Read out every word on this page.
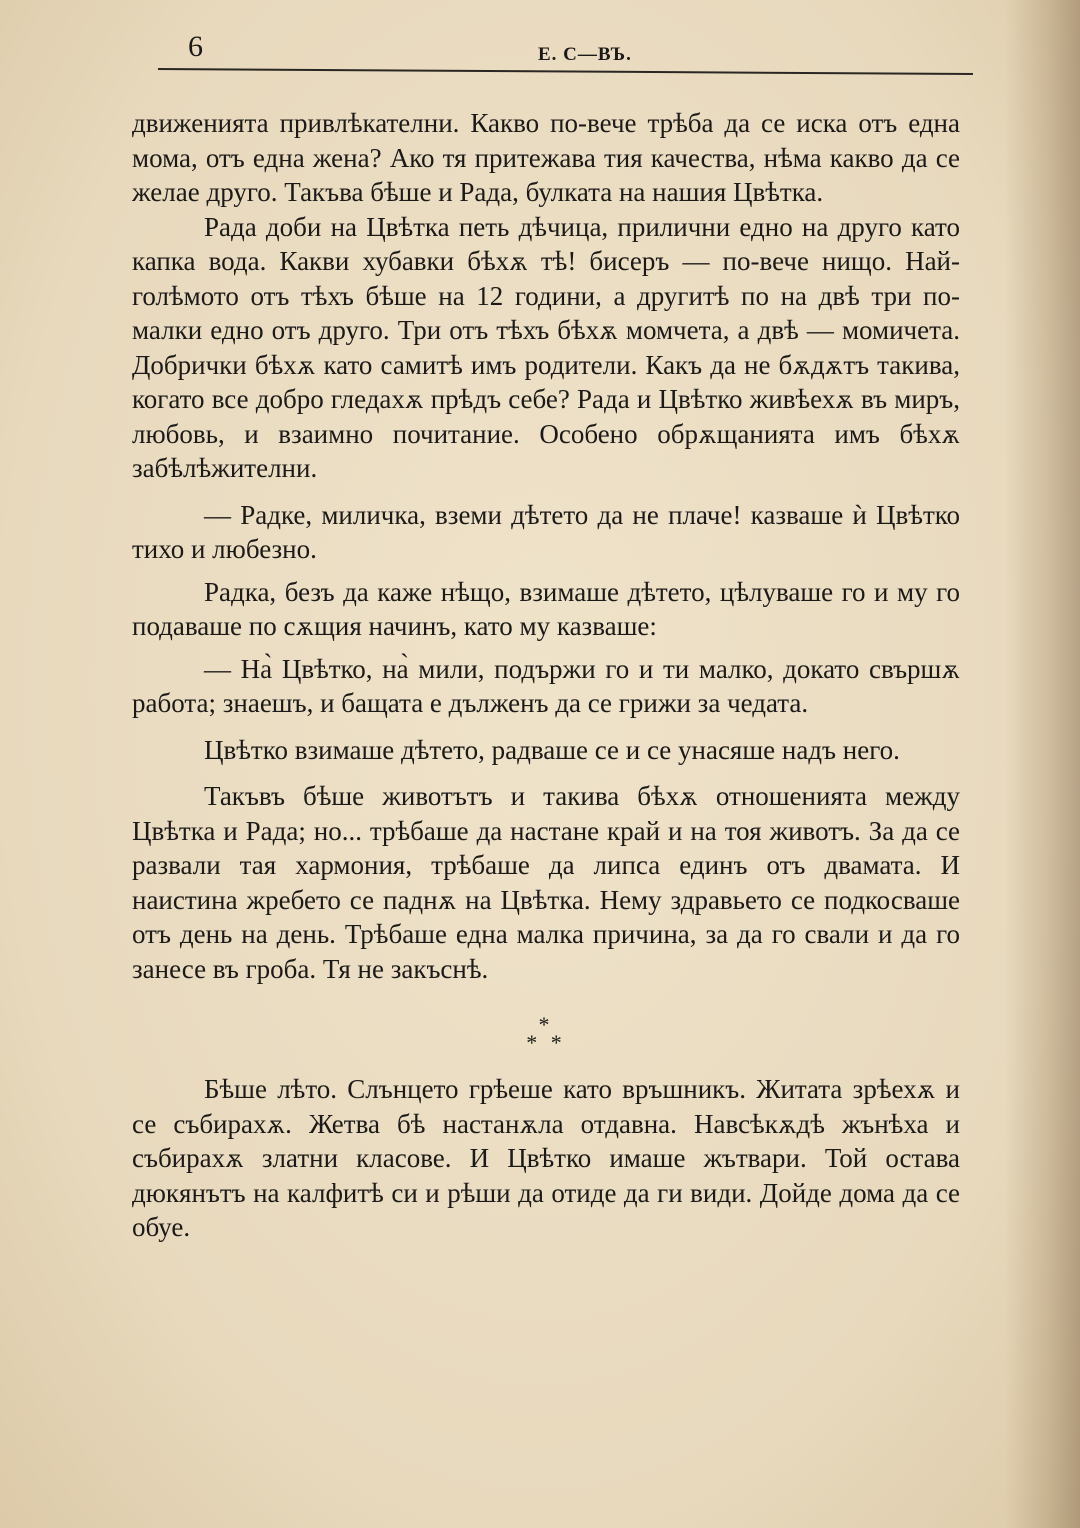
6	Е. С—ВЪ.

движенията привлѣкателни. Какво по-вече трѣба да се иска отъ една мома, отъ една жена? Ако тя притежава тия качества, нѣма какво да се желае друго. Такъва бѣше и Рада, булката на нашия Цвѣтка.

Рада доби на Цвѣтка петь дѣчица, прилични едно на друго като капка вода. Какви хубавки бѣхѫ тѣ! бисеръ — по-вече нищо. Най-голѣмото отъ тѣхъ бѣше на 12 години, а другитѣ по на двѣ три по-малки едно отъ друго. Три отъ тѣхъ бѣхѫ момчета, а двѣ — момичета. Добрички бѣхѫ като самитѣ имъ родители. Какъ да не бѫдѫтъ такива, когато все добро гледахѫ прѣдъ себе? Рада и Цвѣтко живѣехѫ въ миръ, любовь, и взаимно почитание. Особено обрѫщанията имъ бѣхѫ забѣлѣжителни.

— Радке, миличка, вземи дѣтето да не плаче! казваше ѝ Цвѣтко тихо и любезно.

Радка, безъ да каже нѣщо, взимаше дѣтето, цѣлуваше го и му го подаваше по сѫщия начинъ, като му казваше:

— На̀ Цвѣтко, на̀ мили, подържи го и ти малко, докато свършѫ работа; знаешъ, и бащата е дълженъ да се грижи за чедата.

Цвѣтко взимаше дѣтето, радваше се и се унасяше надъ него.

Такъвъ бѣше животътъ и такива бѣхѫ отношенията между Цвѣтка и Рада; но... трѣбаше да настане край и на тоя животъ. За да се развали тая хармония, трѣбаше да липса единъ отъ двамата. И наистина жребето се паднѫ на Цвѣтка. Нему здравьето се подкосваше отъ день на день. Трѣбаше една малка причина, за да го свали и да го занесе въ гроба. Тя не закъснѣ.

*
* *

Бѣше лѣто. Слънцето грѣеше като връшникъ. Житата зрѣехѫ и се събирахѫ. Жетва бѣ настанѫла отдавна. Навсѣкѫдѣ жънѣха и събирахѫ златни класове. И Цвѣтко имаше жътвари. Той остава дюкянътъ на калфитѣ си и рѣши да отиде да ги види. Дойде дома да се обуе.
